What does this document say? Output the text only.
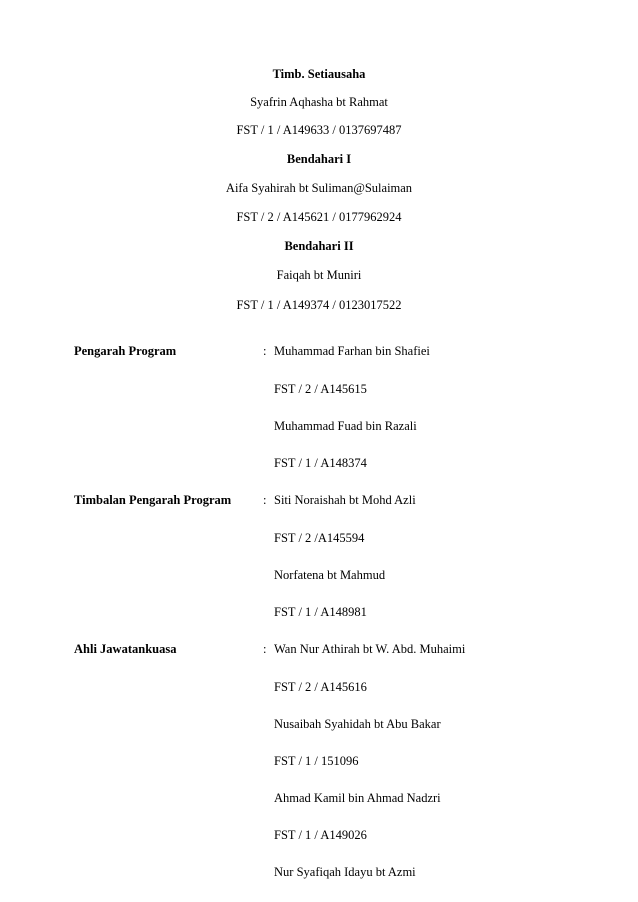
Timb. Setiausaha
Syafrin Aqhasha bt Rahmat
FST / 1 / A149633 / 0137697487
Bendahari I
Aifa Syahirah bt Suliman@Sulaiman
FST / 2 / A145621 / 0177962924
Bendahari II
Faiqah bt Muniri
FST / 1 / A149374 / 0123017522
Pengarah Program	: Muhammad Farhan bin Shafiei
FST / 2 / A145615
Muhammad Fuad bin Razali
FST / 1 / A148374
Timbalan Pengarah Program	: Siti Noraishah bt Mohd Azli
FST / 2 /A145594
Norfatena bt Mahmud
FST / 1 / A148981
Ahli Jawatankuasa	: Wan Nur Athirah bt W. Abd. Muhaimi
FST / 2 / A145616
Nusaibah Syahidah bt Abu Bakar
FST / 1 / 151096
Ahmad Kamil bin Ahmad Nadzri
FST / 1 / A149026
Nur Syafiqah Idayu bt Azmi
